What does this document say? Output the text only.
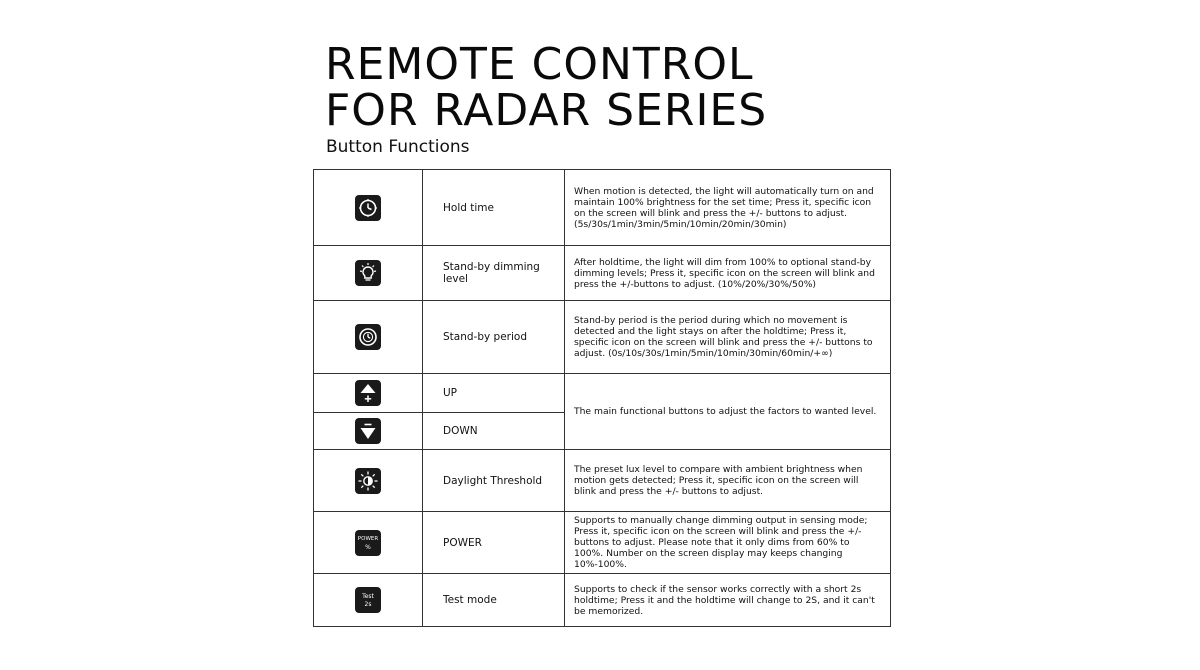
REMOTE CONTROL
FOR RADAR SERIES
Button Functions
	Hold time	When motion is detected, the light will automatically turn on and maintain 100% brightness for the set time; Press it, specific icon on the screen will blink and press the +/- buttons to adjust. (5s/30s/1min/3min/5min/10min/20min/30min)

	Stand-by dimming level	After holdtime, the light will dim from 100% to optional stand-by dimming levels; Press it, specific icon on the screen will blink and press the +/-buttons to adjust. (10%/20%/30%/50%)

	Stand-by period	Stand-by period is the period during which no movement is detected and the light stays on after the holdtime; Press it, specific icon on the screen will blink and press the +/- buttons to adjust. (0s/10s/30s/1min/5min/10min/30min/60min/+∞)

	UP	The main functional buttons to adjust the factors to wanted level.

	DOWN	

	Daylight Threshold	The preset lux level to compare with ambient brightness when motion gets detected; Press it, specific icon on the screen will blink and press the +/- buttons to adjust.

POWER
%	POWER	Supports to manually change dimming output in sensing mode; Press it, specific icon on the screen will blink and press the +/- buttons to adjust. Please note that it only dims from 60% to 100%. Number on the screen display may keeps changing 10%-100%.

Test
2s	Test mode	Supports to check if the sensor works correctly with a short 2s holdtime; Press it and the holdtime will change to 2S, and it can't be memorized.
